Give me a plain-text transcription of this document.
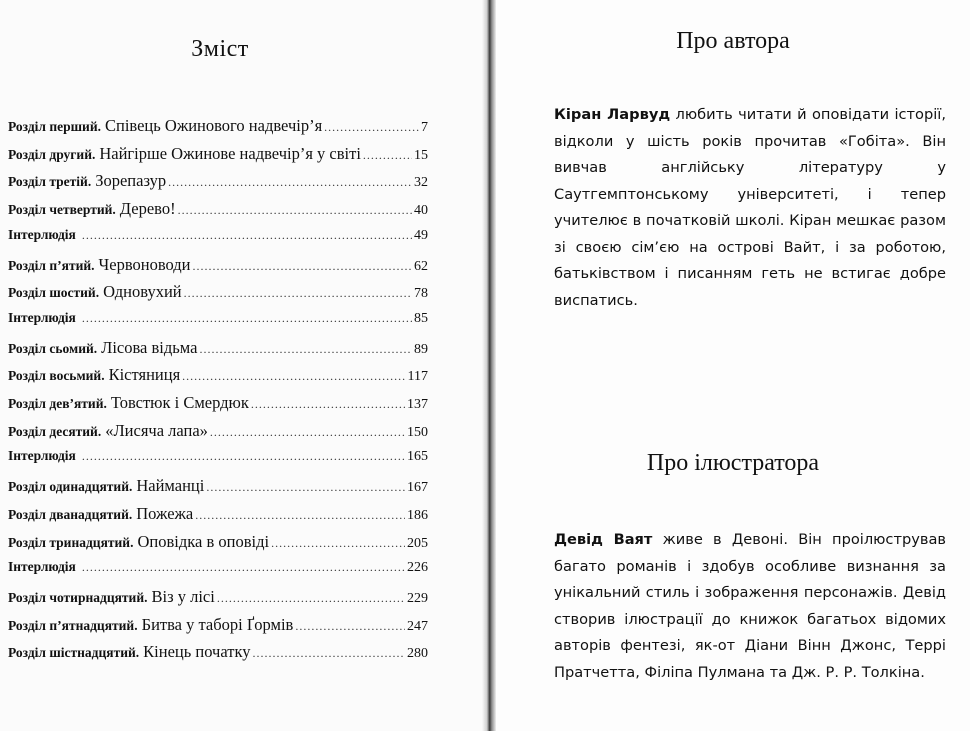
Зміст
Розділ перший. Співець Ожинового надвечір’я .....	7
Розділ другий. Найгірше Ожинове надвечір’я у світі .....	15
Розділ третій. Зорепазур .....	32
Розділ четвертий. Дерево! .....	40
Інтерлюдія .....	49
Розділ п’ятий. Червоноводи .....	62
Розділ шостий. Одновухий .....	78
Інтерлюдія .....	85
Розділ сьомий. Лісова відьма .....	89
Розділ восьмий. Кістяниця .....	117
Розділ дев’ятий. Товстюк і Смердюк .....	137
Розділ десятий. «Лисяча лапа» .....	150
Інтерлюдія .....	165
Розділ одинадцятий. Найманці .....	167
Розділ дванадцятий. Пожежа .....	186
Розділ тринадцятий. Оповідка в оповіді .....	205
Інтерлюдія .....	226
Розділ чотирнадцятий. Віз у лісі .....	229
Розділ п’ятнадцятий. Битва у таборі Ґормів .....	247
Розділ шістнадцятий. Кінець початку .....	280
Про автора
Кіран Ларвуд любить читати й оповідати історії, відколи у шість років прочитав «Гобіта». Він вивчав англійську літературу у Саутгемптонському університеті, і тепер учителює в початковій школі. Кіран мешкає разом зі своєю сім’єю на острові Вайт, і за роботою, батьківством і писанням геть не встигає добре виспатись.
Про ілюстратора
Девід Ваят живе в Девоні. Він проілюстрував багато романів і здобув особливе визнання за унікальний стиль і зображення персонажів. Девід створив ілюстрації до книжок багатьох відомих авторів фентезі, як-от Діани Вінн Джонс, Террі Пратчетта, Філіпа Пулмана та Дж. Р. Р. Толкіна.
